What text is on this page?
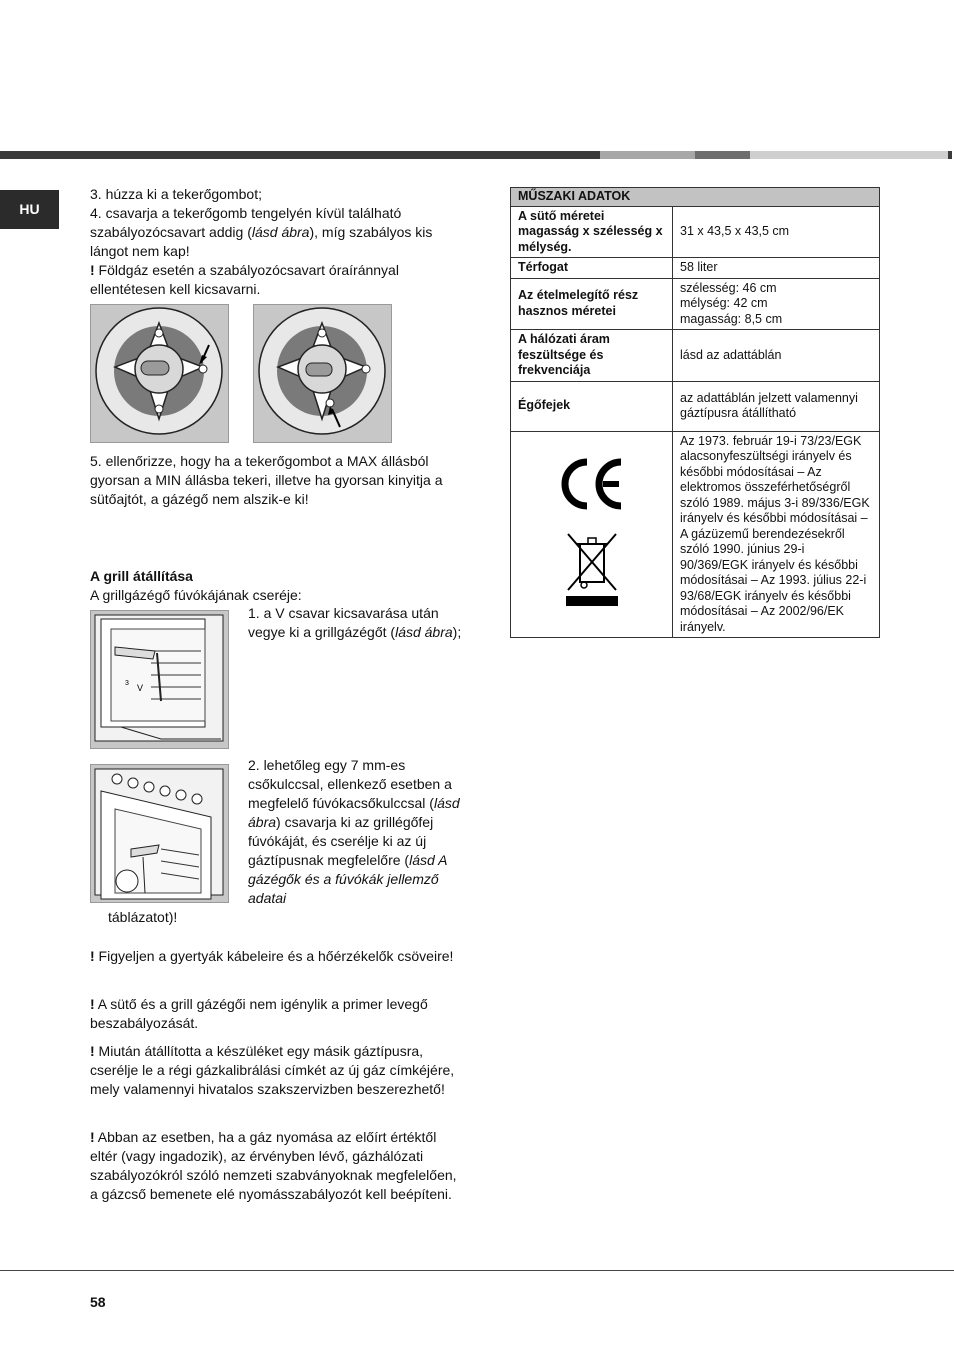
HU

3. húzza ki a tekerőgombot;

4. csavarja a tekerőgomb tengelyén kívül található szabályozócsavart addig (lásd ábra), míg szabályos kis lángot nem kap!

! Földgáz esetén a szabályozócsavart óraíránnyal ellentétesen kell kicsavarni.

5. ellenőrizze, hogy ha a tekerőgombot a MAX állásból gyorsan a MIN állásba tekeri, illetve ha gyorsan kinyitja a sütőajtót, a gázégő nem alszik-e ki!

A grill átállítása

A grillgázégő fúvókájának cseréje:

3 V

1. a V csavar kicsavarása után vegye ki a grillgázégőt (lásd ábra);

2. lehetőleg egy 7 mm-es csőkulccsal, ellenkező esetben a megfelelő fúvókacsőkulccsal (lásd ábra) csavarja ki az grillégőfej fúvókáját, és cserélje ki az új gáztípusnak megfelelőre (lásd A gázégők és a fúvókák jellemző adatai

táblázatot)!

! Figyeljen a gyertyák kábeleire és a hőérzékelők csöveire!

! A sütő és a grill gázégői nem igénylik a primer levegő beszabályozását.

! Miután átállította a készüléket egy másik gáztípusra, cserélje le a régi gázkalibrálási címkét az új gáz címkéjére, mely valamennyi hivatalos szakszervizben beszerezhető!

! Abban az esetben, ha a gáz nyomása az előírt értéktől eltér (vagy ingadozik), az érvényben lévő, gázhálózati szabályozókról szóló nemzeti szabványoknak megfelelően, a gázcső bemenete elé nyomásszabályozót kell beépíteni.

MŰSZAKI ADATOK	
A sütő méretei magasság x szélesség x mélység.	31 x 43,5 x 43,5 cm
Térfogat	58 liter
Az ételmelegítő rész hasznos méretei	szélesség: 46 cm
mélység: 42 cm
magasság: 8,5 cm
A hálózati áram feszültsége és frekvenciája	lásd az adattáblán
Égőfejek	az adattáblán jelzett valamennyi gáztípusra átállítható

	Az 1973. február 19-i 73/23/EGK alacsonyfeszültségi irányelv és későbbi módosításai – Az elektromos összeférhetőségről szóló 1989. május 3-i 89/336/EGK irányelv és későbbi módosításai – A gázüzemű berendezésekről szóló 1990. június 29-i 90/369/EGK irányelv és későbbi módosításai – Az 1993. július 22-i 93/68/EGK irányelv és későbbi módosításai – Az 2002/96/EK irányelv.
58
